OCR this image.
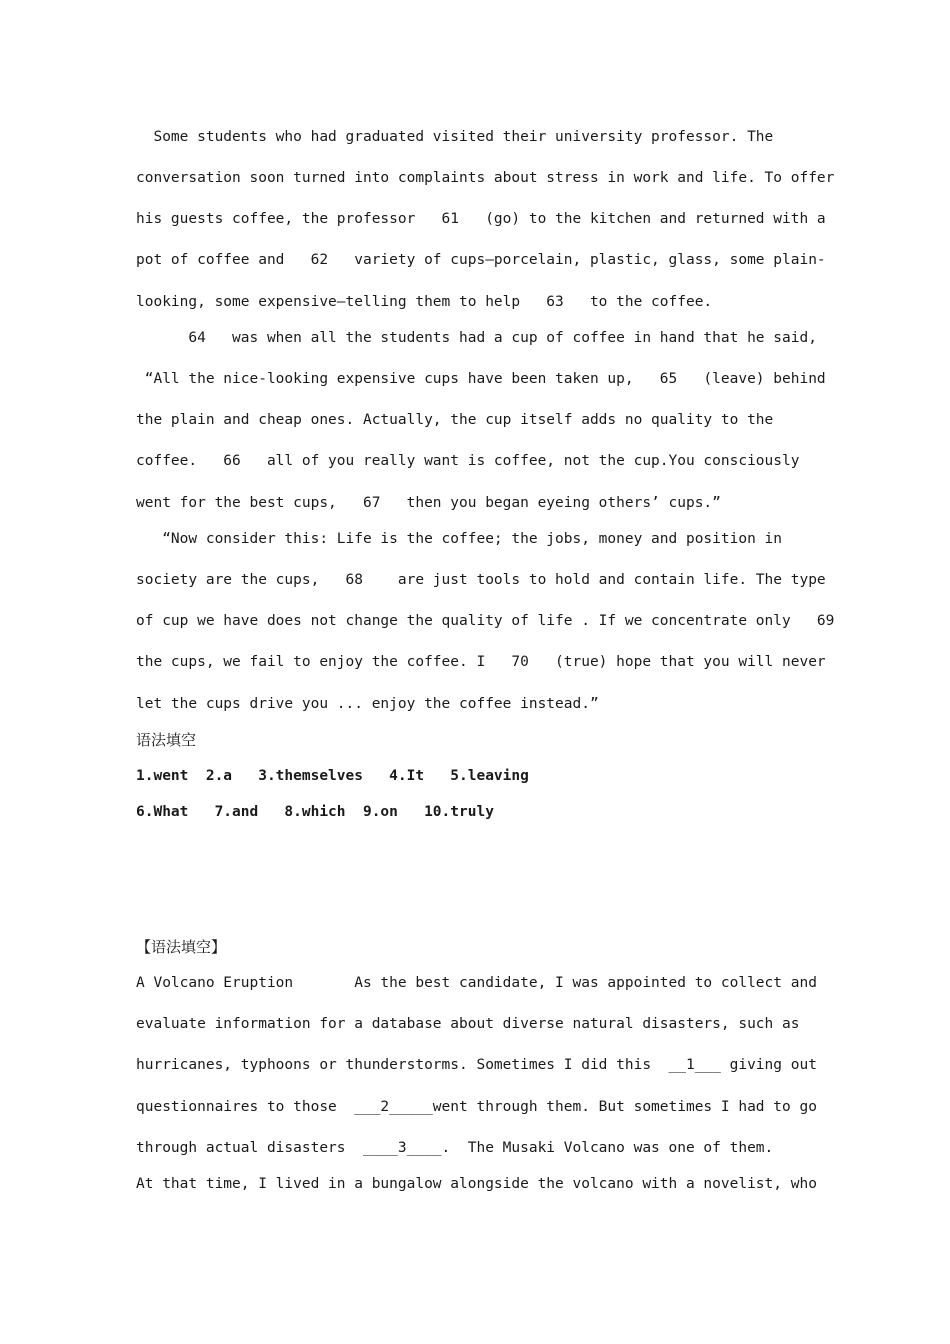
Some students who had graduated visited their university professor. The

conversation soon turned into complaints about stress in work and life. To offer

his guests coffee, the professor   61   (go) to the kitchen and returned with a

pot of coffee and   62   variety of cups—porcelain, plastic, glass, some plain-

looking, some expensive—telling them to help   63   to the coffee.

64   was when all the students had a cup of coffee in hand that he said,

“All the nice-looking expensive cups have been taken up,   65   (leave) behind

the plain and cheap ones. Actually, the cup itself adds no quality to the

coffee.   66   all of you really want is coffee, not the cup.You consciously

went for the best cups,   67   then you began eyeing others’ cups.”

“Now consider this: Life is the coffee; the jobs, money and position in

society are the cups,   68    are just tools to hold and contain life. The type

of cup we have does not change the quality of life . If we concentrate only   69

the cups, we fail to enjoy the coffee. I   70   (true) hope that you will never

let the cups drive you ... enjoy the coffee instead.”

语法填空

1.went  2.a   3.themselves   4.It   5.leaving

6.What   7.and   8.which  9.on   10.truly

【语法填空】

A Volcano Eruption       As the best candidate, I was appointed to collect and

evaluate information for a database about diverse natural disasters, such as

hurricanes, typhoons or thunderstorms. Sometimes I did this  __1___ giving out

questionnaires to those  ___2_____went through them. But sometimes I had to go

through actual disasters  ____3____.  The Musaki Volcano was one of them.

At that time, I lived in a bungalow alongside the volcano with a novelist, who
